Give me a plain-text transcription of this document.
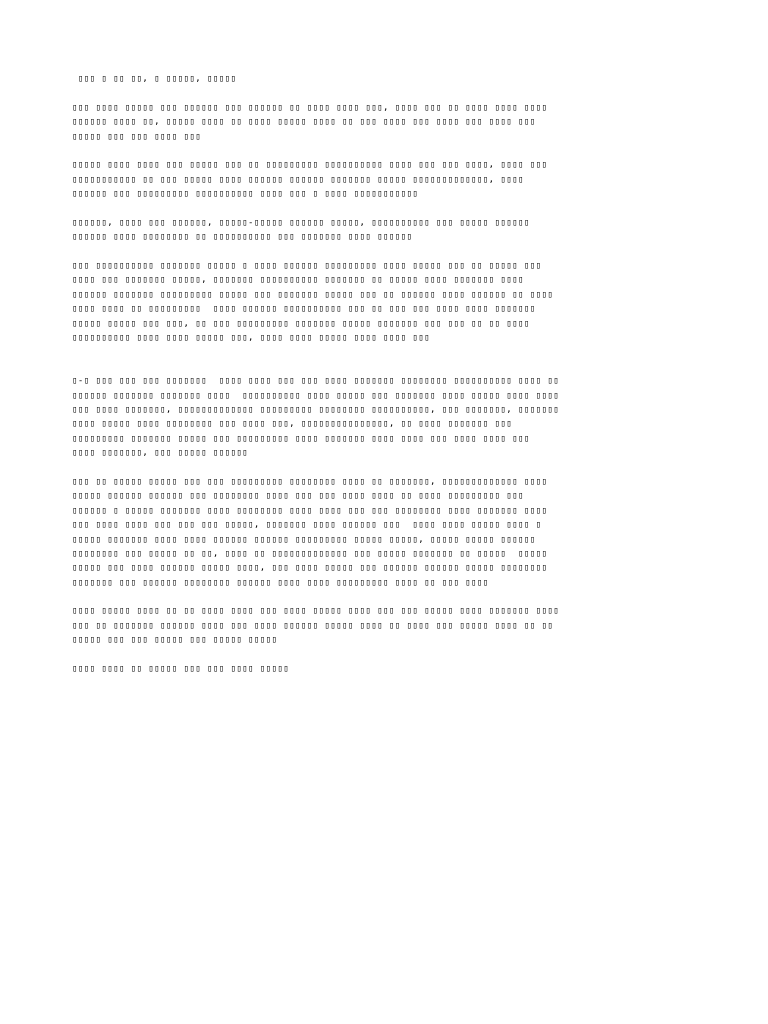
▯▯▯ ▯ ▯▯ ▯▯, ▯ ▯▯▯▯▯, ▯▯▯▯▯
▯▯▯ ▯▯▯▯ ▯▯▯▯▯ ▯▯▯ ▯▯▯▯▯▯ ▯▯▯ ▯▯▯▯▯▯ ▯▯ ▯▯▯▯ ▯▯▯▯ ▯▯▯, ▯▯▯▯ ▯▯▯ ▯▯ ▯▯▯▯ ▯▯▯▯ ▯▯▯▯
▯▯▯▯▯▯ ▯▯▯▯ ▯▯, ▯▯▯▯▯ ▯▯▯▯ ▯▯ ▯▯▯▯ ▯▯▯▯▯ ▯▯▯▯ ▯▯ ▯▯▯ ▯▯▯▯ ▯▯▯ ▯▯▯▯ ▯▯▯ ▯▯▯▯ ▯▯▯
▯▯▯▯▯ ▯▯▯ ▯▯▯ ▯▯▯▯ ▯▯▯
▯▯▯▯▯ ▯▯▯▯ ▯▯▯▯ ▯▯▯ ▯▯▯▯▯ ▯▯▯ ▯▯ ▯▯▯▯▯▯▯▯▯ ▯▯▯▯▯▯▯▯▯▯ ▯▯▯▯ ▯▯▯ ▯▯▯ ▯▯▯▯, ▯▯▯▯ ▯▯▯
▯▯▯▯▯▯▯▯▯▯▯ ▯▯ ▯▯▯ ▯▯▯▯▯ ▯▯▯▯ ▯▯▯▯▯▯ ▯▯▯▯▯▯ ▯▯▯▯▯▯▯ ▯▯▯▯▯ ▯▯▯▯▯▯▯▯▯▯▯▯▯, ▯▯▯▯
▯▯▯▯▯▯ ▯▯▯ ▯▯▯▯▯▯▯▯▯ ▯▯▯▯▯▯▯▯▯▯ ▯▯▯▯ ▯▯▯ ▯ ▯▯▯▯ ▯▯▯▯▯▯▯▯▯▯▯
▯▯▯▯▯▯, ▯▯▯▯ ▯▯▯ ▯▯▯▯▯▯, ▯▯▯▯▯-▯▯▯▯▯ ▯▯▯▯▯▯ ▯▯▯▯▯, ▯▯▯▯▯▯▯▯▯▯ ▯▯▯ ▯▯▯▯▯ ▯▯▯▯▯▯
▯▯▯▯▯▯ ▯▯▯▯ ▯▯▯▯▯▯▯▯ ▯▯ ▯▯▯▯▯▯▯▯▯▯ ▯▯▯ ▯▯▯▯▯▯▯ ▯▯▯▯ ▯▯▯▯▯▯
▯▯▯ ▯▯▯▯▯▯▯▯▯▯ ▯▯▯▯▯▯▯ ▯▯▯▯▯ ▯ ▯▯▯▯ ▯▯▯▯▯▯ ▯▯▯▯▯▯▯▯▯ ▯▯▯▯ ▯▯▯▯▯ ▯▯▯ ▯▯ ▯▯▯▯▯ ▯▯▯
▯▯▯▯ ▯▯▯ ▯▯▯▯▯▯▯ ▯▯▯▯▯, ▯▯▯▯▯▯▯ ▯▯▯▯▯▯▯▯▯▯ ▯▯▯▯▯▯▯ ▯▯ ▯▯▯▯▯ ▯▯▯▯ ▯▯▯▯▯▯▯ ▯▯▯▯
▯▯▯▯▯▯ ▯▯▯▯▯▯▯ ▯▯▯▯▯▯▯▯▯ ▯▯▯▯▯ ▯▯▯ ▯▯▯▯▯▯▯ ▯▯▯▯▯ ▯▯▯ ▯▯ ▯▯▯▯▯▯ ▯▯▯▯ ▯▯▯▯▯▯ ▯▯ ▯▯▯▯
▯▯▯▯ ▯▯▯▯ ▯▯ ▯▯▯▯▯▯▯▯▯  ▯▯▯▯ ▯▯▯▯▯▯ ▯▯▯▯▯▯▯▯▯▯ ▯▯▯ ▯▯ ▯▯▯ ▯▯▯ ▯▯▯▯ ▯▯▯▯ ▯▯▯▯▯▯▯
▯▯▯▯▯ ▯▯▯▯▯ ▯▯▯ ▯▯▯, ▯▯ ▯▯▯ ▯▯▯▯▯▯▯▯▯ ▯▯▯▯▯▯▯ ▯▯▯▯▯ ▯▯▯▯▯▯▯ ▯▯▯ ▯▯▯ ▯▯ ▯▯ ▯▯▯▯
▯▯▯▯▯▯▯▯▯▯ ▯▯▯▯ ▯▯▯▯ ▯▯▯▯▯ ▯▯▯, ▯▯▯▯ ▯▯▯▯ ▯▯▯▯▯ ▯▯▯▯ ▯▯▯▯ ▯▯▯
▯-▯ ▯▯▯ ▯▯▯ ▯▯▯ ▯▯▯▯▯▯▯  ▯▯▯▯ ▯▯▯▯ ▯▯▯ ▯▯▯ ▯▯▯▯ ▯▯▯▯▯▯▯ ▯▯▯▯▯▯▯▯ ▯▯▯▯▯▯▯▯▯▯ ▯▯▯▯ ▯▯
▯▯▯▯▯▯ ▯▯▯▯▯▯▯ ▯▯▯▯▯▯▯ ▯▯▯▯  ▯▯▯▯▯▯▯▯▯▯ ▯▯▯▯ ▯▯▯▯▯ ▯▯▯ ▯▯▯▯▯▯▯ ▯▯▯▯ ▯▯▯▯▯ ▯▯▯▯ ▯▯▯▯
▯▯▯ ▯▯▯▯ ▯▯▯▯▯▯▯, ▯▯▯▯▯▯▯▯▯▯▯▯▯ ▯▯▯▯▯▯▯▯▯ ▯▯▯▯▯▯▯▯ ▯▯▯▯▯▯▯▯▯▯, ▯▯▯ ▯▯▯▯▯▯▯, ▯▯▯▯▯▯▯
▯▯▯▯ ▯▯▯▯▯ ▯▯▯▯ ▯▯▯▯▯▯▯▯ ▯▯▯ ▯▯▯▯ ▯▯▯, ▯▯▯▯▯▯▯▯▯▯▯▯▯▯▯, ▯▯ ▯▯▯▯ ▯▯▯▯▯▯▯ ▯▯▯
▯▯▯▯▯▯▯▯▯ ▯▯▯▯▯▯▯ ▯▯▯▯▯ ▯▯▯ ▯▯▯▯▯▯▯▯▯ ▯▯▯▯ ▯▯▯▯▯▯▯ ▯▯▯▯ ▯▯▯▯ ▯▯▯ ▯▯▯▯ ▯▯▯▯ ▯▯▯
▯▯▯▯ ▯▯▯▯▯▯▯, ▯▯▯ ▯▯▯▯▯ ▯▯▯▯▯▯
▯▯▯ ▯▯ ▯▯▯▯▯ ▯▯▯▯▯ ▯▯▯ ▯▯▯ ▯▯▯▯▯▯▯▯▯ ▯▯▯▯▯▯▯▯ ▯▯▯▯ ▯▯ ▯▯▯▯▯▯▯, ▯▯▯▯▯▯▯▯▯▯▯▯▯ ▯▯▯▯
▯▯▯▯▯ ▯▯▯▯▯▯ ▯▯▯▯▯▯ ▯▯▯ ▯▯▯▯▯▯▯▯ ▯▯▯▯ ▯▯▯ ▯▯▯ ▯▯▯▯ ▯▯▯▯ ▯▯ ▯▯▯▯ ▯▯▯▯▯▯▯▯▯ ▯▯▯
▯▯▯▯▯▯ ▯ ▯▯▯▯▯ ▯▯▯▯▯▯▯ ▯▯▯▯ ▯▯▯▯▯▯▯▯ ▯▯▯▯ ▯▯▯▯ ▯▯▯ ▯▯▯ ▯▯▯▯▯▯▯▯ ▯▯▯▯ ▯▯▯▯▯▯▯ ▯▯▯▯
▯▯▯ ▯▯▯▯ ▯▯▯▯ ▯▯▯ ▯▯▯ ▯▯▯ ▯▯▯▯▯, ▯▯▯▯▯▯▯ ▯▯▯▯ ▯▯▯▯▯▯ ▯▯▯  ▯▯▯▯ ▯▯▯▯ ▯▯▯▯▯ ▯▯▯▯ ▯
▯▯▯▯▯ ▯▯▯▯▯▯▯ ▯▯▯▯ ▯▯▯▯ ▯▯▯▯▯▯ ▯▯▯▯▯▯ ▯▯▯▯▯▯▯▯▯ ▯▯▯▯▯ ▯▯▯▯▯, ▯▯▯▯▯ ▯▯▯▯▯ ▯▯▯▯▯▯
▯▯▯▯▯▯▯▯ ▯▯▯ ▯▯▯▯▯ ▯▯ ▯▯, ▯▯▯▯ ▯▯ ▯▯▯▯▯▯▯▯▯▯▯▯▯ ▯▯▯ ▯▯▯▯▯ ▯▯▯▯▯▯▯ ▯▯ ▯▯▯▯▯  ▯▯▯▯▯
▯▯▯▯▯ ▯▯▯ ▯▯▯▯ ▯▯▯▯▯▯ ▯▯▯▯▯ ▯▯▯▯, ▯▯▯ ▯▯▯▯ ▯▯▯▯▯ ▯▯▯ ▯▯▯▯▯▯ ▯▯▯▯▯▯ ▯▯▯▯▯ ▯▯▯▯▯▯▯▯
▯▯▯▯▯▯▯ ▯▯▯ ▯▯▯▯▯▯ ▯▯▯▯▯▯▯▯ ▯▯▯▯▯▯ ▯▯▯▯ ▯▯▯▯ ▯▯▯▯▯▯▯▯▯ ▯▯▯▯ ▯▯ ▯▯▯ ▯▯▯▯
▯▯▯▯ ▯▯▯▯▯ ▯▯▯▯ ▯▯ ▯▯ ▯▯▯▯ ▯▯▯▯ ▯▯▯ ▯▯▯▯ ▯▯▯▯▯ ▯▯▯▯ ▯▯▯ ▯▯▯ ▯▯▯▯▯ ▯▯▯▯ ▯▯▯▯▯▯▯ ▯▯▯▯
▯▯▯ ▯▯ ▯▯▯▯▯▯▯ ▯▯▯▯▯▯ ▯▯▯▯ ▯▯▯ ▯▯▯▯ ▯▯▯▯▯▯ ▯▯▯▯▯ ▯▯▯▯ ▯▯ ▯▯▯▯ ▯▯▯ ▯▯▯▯▯ ▯▯▯▯ ▯▯ ▯▯
▯▯▯▯▯ ▯▯▯ ▯▯▯ ▯▯▯▯▯ ▯▯▯ ▯▯▯▯▯ ▯▯▯▯▯
▯▯▯▯ ▯▯▯▯ ▯▯ ▯▯▯▯▯ ▯▯▯ ▯▯▯ ▯▯▯▯ ▯▯▯▯▯
